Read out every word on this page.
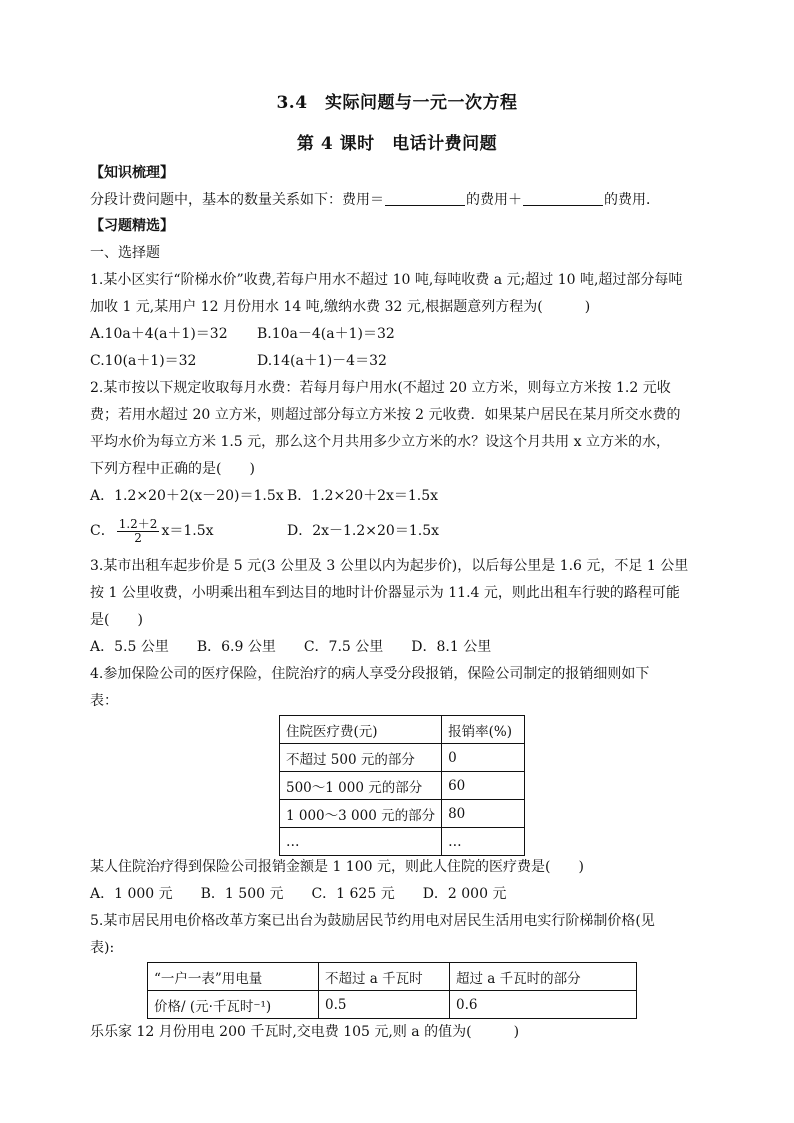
3.4　实际问题与一元一次方程
第 4 课时　电话计费问题
【知识梳理】
分段计费问题中，基本的数量关系如下：费用＝	的费用＋	的费用．
【习题精选】
一、选择题
1.某小区实行“阶梯水价”收费,若每户用水不超过 10 吨,每吨收费 a 元;超过 10 吨,超过部分每吨
加收 1 元,某用户 12 月份用水 14 吨,缴纳水费 32 元,根据题意列方程为(　　　)
A.10a＋4(a＋1)＝32 B.10a－4(a＋1)＝32
C.10(a＋1)＝32	D.14(a＋1)－4＝32
2.某市按以下规定收取每月水费：若每月每户用水(不超过 20 立方米，则每立方米按 1.2 元收
费；若用水超过 20 立方米，则超过部分每立方米按 2 元收费．如果某户居民在某月所交水费的
平均水价为每立方米 1.5 元，那么这个月共用多少立方米的水？设这个月共用 x 立方米的水，
下列方程中正确的是(　　)
A．1.2×20＋2(x－20)＝1.5x B．1.2×20＋2x＝1.5x
C． $\frac{1.2+2}{2} x=1.5x$	D．2x－1.2×20＝1.5x
3.某市出租车起步价是 5 元(3 公里及 3 公里以内为起步价)，以后每公里是 1.6 元，不足 1 公里
按 1 公里收费，小明乘出租车到达目的地时计价器显示为 11.4 元，则此出租车行驶的路程可能
是(　　)
A．5.5 公里　　B．6.9 公里　　C．7.5 公里　　D．8.1 公里
4.参加保险公司的医疗保险，住院治疗的病人享受分段报销，保险公司制定的报销细则如下
表：
住院医疗费(元)	报销率(%)
不超过 500 元的部分	0
500～1 000 元的部分	60
1 000～3 000 元的部分	80
…	…
某人住院治疗得到保险公司报销金额是 1 100 元，则此人住院的医疗费是(　　)
A．1 000 元　　B．1 500 元　　C．1 625 元　　D．2 000 元
5.某市居民用电价格改革方案已出台为鼓励居民节约用电对居民生活用电实行阶梯制价格(见
表):
“一户一表”用电量	不超过 a 千瓦时	超过 a 千瓦时的部分
价格/ (元·千瓦时⁻¹)	0.5	0.6
乐乐家 12 月份用电 200 千瓦时,交电费 105 元,则 a 的值为(　　　)
